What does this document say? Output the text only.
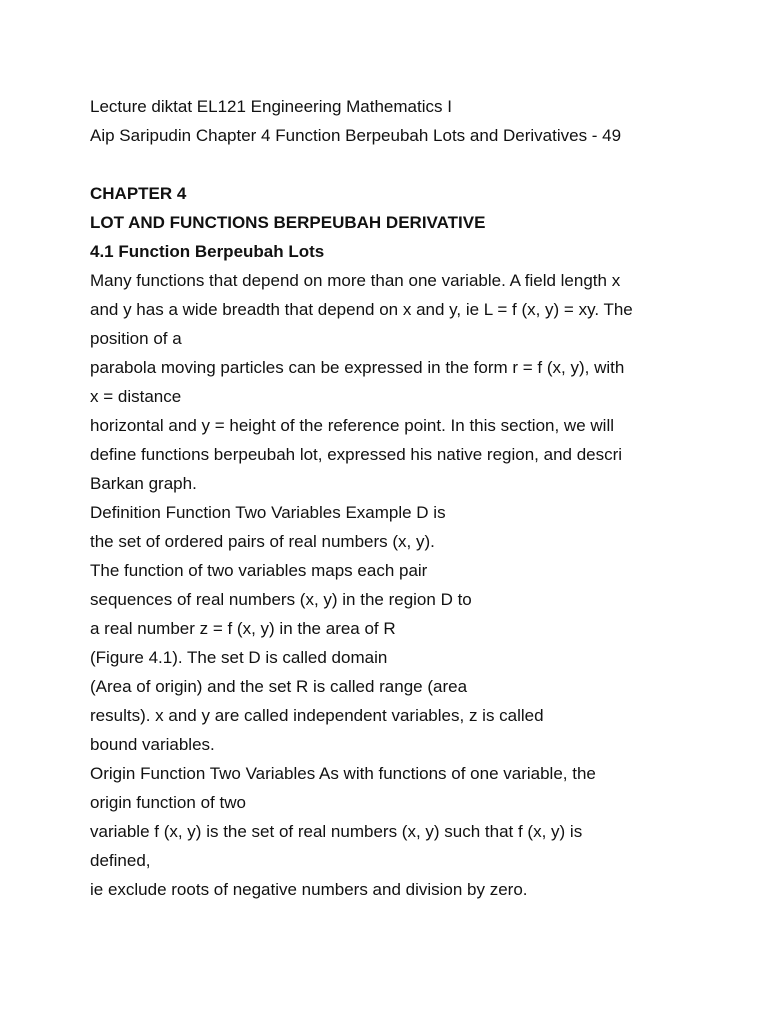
Lecture diktat EL121 Engineering Mathematics I
Aip Saripudin Chapter 4 Function Berpeubah Lots and Derivatives - 49
CHAPTER 4
LOT AND FUNCTIONS BERPEUBAH DERIVATIVE
4.1 Function Berpeubah Lots
Many functions that depend on more than one variable. A field length x
and y has a wide breadth that depend on x and y, ie L = f (x, y) = xy. The
position of a
parabola moving particles can be expressed in the form r = f (x, y), with
x = distance
horizontal and y = height of the reference point. In this section, we will
define functions berpeubah lot, expressed his native region, and descri
Barkan graph.
Definition Function Two Variables Example D is
the set of ordered pairs of real numbers (x, y).
The function of two variables maps each pair
sequences of real numbers (x, y) in the region D to
a real number z = f (x, y) in the area of R
(Figure 4.1). The set D is called domain
(Area of origin) and the set R is called range (area
results). x and y are called independent variables, z is called
bound variables.
Origin Function Two Variables As with functions of one variable, the
origin function of two
variable f (x, y) is the set of real numbers (x, y) such that f (x, y) is
defined,
ie exclude roots of negative numbers and division by zero.
